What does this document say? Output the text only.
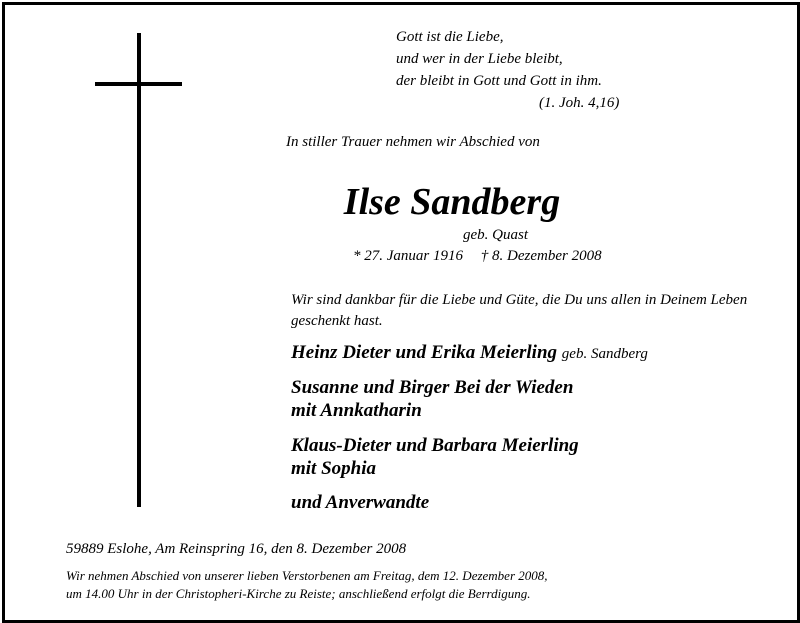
Gott ist die Liebe,
und wer in der Liebe bleibt,
der bleibt in Gott und Gott in ihm.
(1. Joh. 4,16)
In stiller Trauer nehmen wir Abschied von
Ilse Sandberg
geb. Quast
* 27. Januar 1916 † 8. Dezember 2008
Wir sind dankbar für die Liebe und Güte, die Du uns allen in Deinem Leben geschenkt hast.
Heinz Dieter und Erika Meierling geb. Sandberg
Susanne und Birger Bei der Wieden
mit Annkatharin
Klaus-Dieter und Barbara Meierling
mit Sophia
und Anverwandte
59889 Eslohe, Am Reinspring 16, den 8. Dezember 2008
Wir nehmen Abschied von unserer lieben Verstorbenen am Freitag, dem 12. Dezember 2008,
um 14.00 Uhr in der Christopheri-Kirche zu Reiste; anschließend erfolgt die Berrdigung.
